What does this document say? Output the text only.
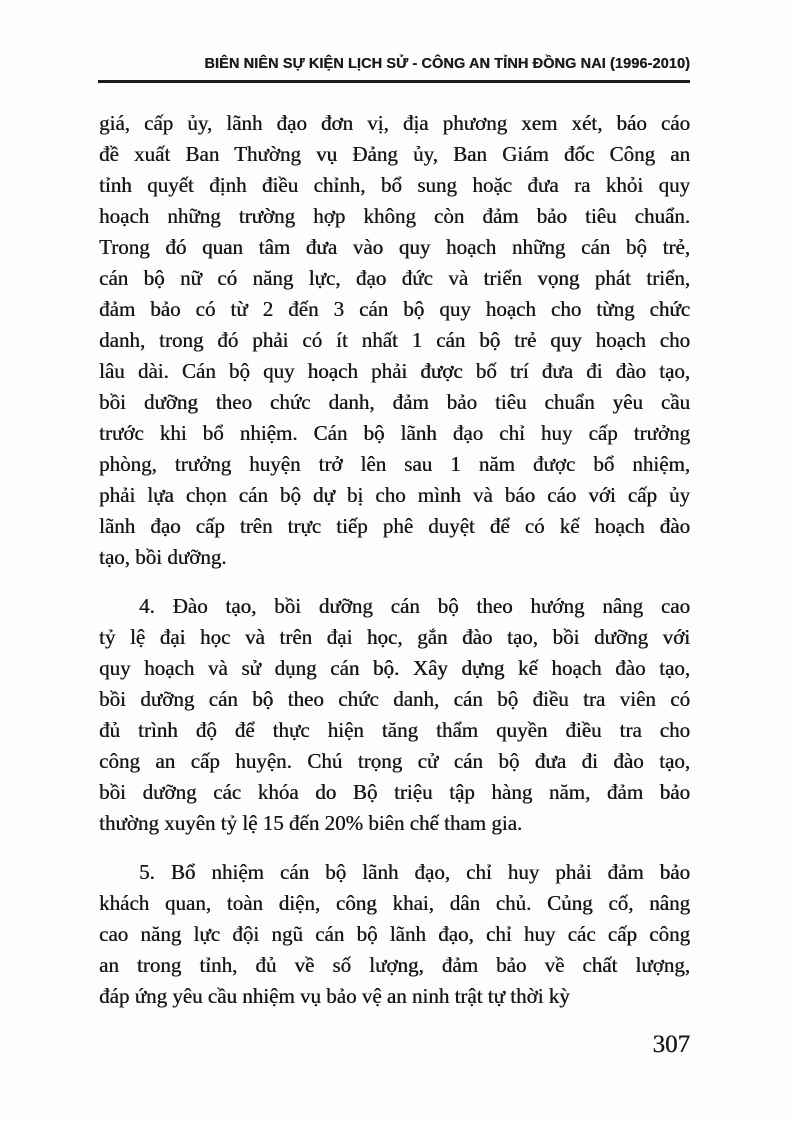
BIÊN NIÊN SỰ KIỆN LỊCH SỬ - CÔNG AN TỈNH ĐỒNG NAI (1996-2010)

giá, cấp ủy, lãnh đạo đơn vị, địa phương xem xét, báo cáo
đề xuất Ban Thường vụ Đảng ủy, Ban Giám đốc Công an
tỉnh quyết định điều chỉnh, bổ sung hoặc đưa ra khỏi quy
hoạch những trường hợp không còn đảm bảo tiêu chuẩn.
Trong đó quan tâm đưa vào quy hoạch những cán bộ trẻ,
cán bộ nữ có năng lực, đạo đức và triển vọng phát triển,
đảm bảo có từ 2 đến 3 cán bộ quy hoạch cho từng chức
danh, trong đó phải có ít nhất 1 cán bộ trẻ quy hoạch cho
lâu dài. Cán bộ quy hoạch phải được bố trí đưa đi đào tạo,
bồi dưỡng theo chức danh, đảm bảo tiêu chuẩn yêu cầu
trước khi bổ nhiệm. Cán bộ lãnh đạo chỉ huy cấp trưởng
phòng, trưởng huyện trở lên sau 1 năm được bổ nhiệm,
phải lựa chọn cán bộ dự bị cho mình và báo cáo với cấp ủy
lãnh đạo cấp trên trực tiếp phê duyệt để có kế hoạch đào
tạo, bồi dưỡng.

4. Đào tạo, bồi dưỡng cán bộ theo hướng nâng cao
tỷ lệ đại học và trên đại học, gắn đào tạo, bồi dưỡng với
quy hoạch và sử dụng cán bộ. Xây dựng kế hoạch đào tạo,
bồi dưỡng cán bộ theo chức danh, cán bộ điều tra viên có
đủ trình độ để thực hiện tăng thẩm quyền điều tra cho
công an cấp huyện. Chú trọng cử cán bộ đưa đi đào tạo,
bồi dưỡng các khóa do Bộ triệu tập hàng năm, đảm bảo
thường xuyên tỷ lệ 15 đến 20% biên chế tham gia.

5. Bổ nhiệm cán bộ lãnh đạo, chỉ huy phải đảm bảo
khách quan, toàn diện, công khai, dân chủ. Củng cố, nâng
cao năng lực đội ngũ cán bộ lãnh đạo, chỉ huy các cấp công
an trong tỉnh, đủ về số lượng, đảm bảo về chất lượng,
đáp ứng yêu cầu nhiệm vụ bảo vệ an ninh trật tự thời kỳ

307
